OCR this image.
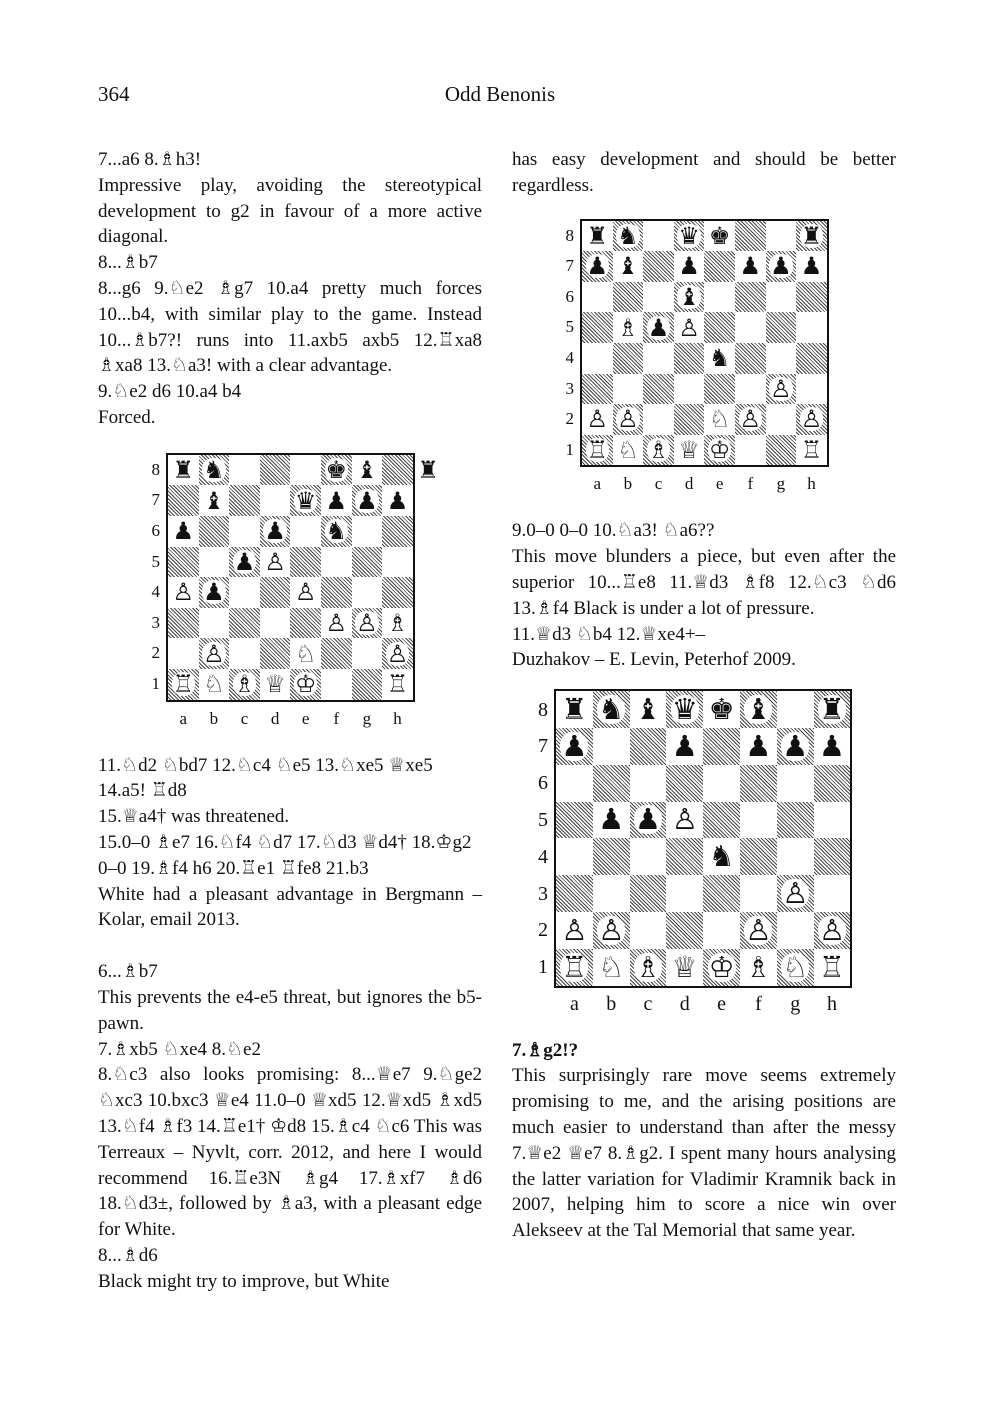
364	Odd Benonis

7...a6 8.♗h3!

Impressive play, avoiding the stereotypical development to g2 in favour of a more active diagonal.

8...♗b7

8...g6 9.♘e2 ♗g7 10.a4 pretty much forces 10...b4, with similar play to the game. Instead 10...♗b7?! runs into 11.axb5 axb5 12.♖xa8 ♗xa8 13.♘a3! with a clear advantage.

9.♘e2 d6 10.a4 b4

Forced.

♜ ♞	♚ ♝ ♜
♝	♛ ♟ ♟ ♟
♟	♟ ♞
♟ ♙
♙ ♟	♙
♙ ♙ ♗
♙	♘	♙
♖ ♘ ♗ ♕ ♔	♖
8
7
6
5
4
3
2
1
a	b	c	d	e	f	g	h

11.♘d2 ♘bd7 12.♘c4 ♘e5 13.♘xe5 ♕xe5 14.a5! ♖d8

15.♕a4† was threatened.

15.0–0 ♗e7 16.♘f4 ♘d7 17.♘d3 ♕d4† 18.♔g2 0–0 19.♗f4 h6 20.♖e1 ♖fe8 21.b3

White had a pleasant advantage in Bergmann – Kolar, email 2013.

6...♗b7

This prevents the e4-e5 threat, but ignores the b5-pawn.

7.♗xb5 ♘xe4 8.♘e2

8.♘c3 also looks promising: 8...♕e7 9.♘ge2 ♘xc3 10.bxc3 ♕e4 11.0–0 ♕xd5 12.♕xd5 ♗xd5 13.♘f4 ♗f3 14.♖e1† ♔d8 15.♗c4 ♘c6 This was Terreaux – Nyvlt, corr. 2012, and here I would recommend 16.♖e3N ♗g4 17.♗xf7 ♗d6 18.♘d3±, followed by ♗a3, with a pleasant edge for White.

8...♗d6

Black might try to improve, but White

has easy development and should be better regardless.

♜ ♞ ♛ ♚	♜
♟ ♝ ♟ ♟ ♟ ♟
♝
♗ ♟ ♙
♞
♙
♙ ♙	♘ ♙ ♙
♖ ♘ ♗ ♕ ♔	♖
8
7
6
5
4
3
2
1
a	b	c	d	e	f	g	h

9.0–0 0–0 10.♘a3! ♘a6??

This move blunders a piece, but even after the superior 10...♖e8 11.♕d3 ♗f8 12.♘c3 ♘d6 13.♗f4 Black is under a lot of pressure.

11.♕d3 ♘b4 12.♕xe4+–

Duzhakov – E. Levin, Peterhof 2009.

♜ ♞ ♝ ♛ ♚ ♝ ♜
♟	♟ ♟ ♟ ♟
♟ ♟ ♙
♞
♙
♙ ♙	♙ ♙
♖ ♘ ♗ ♕ ♔ ♗ ♘ ♖
8
7
6
5
4
3
2
1
a	b	c	d	e	f	g	h

7.♗g2!?

This surprisingly rare move seems extremely promising to me, and the arising positions are much easier to understand than after the messy 7.♕e2 ♕e7 8.♗g2. I spent many hours analysing the latter variation for Vladimir Kramnik back in 2007, helping him to score a nice win over Alekseev at the Tal Memorial that same year.
